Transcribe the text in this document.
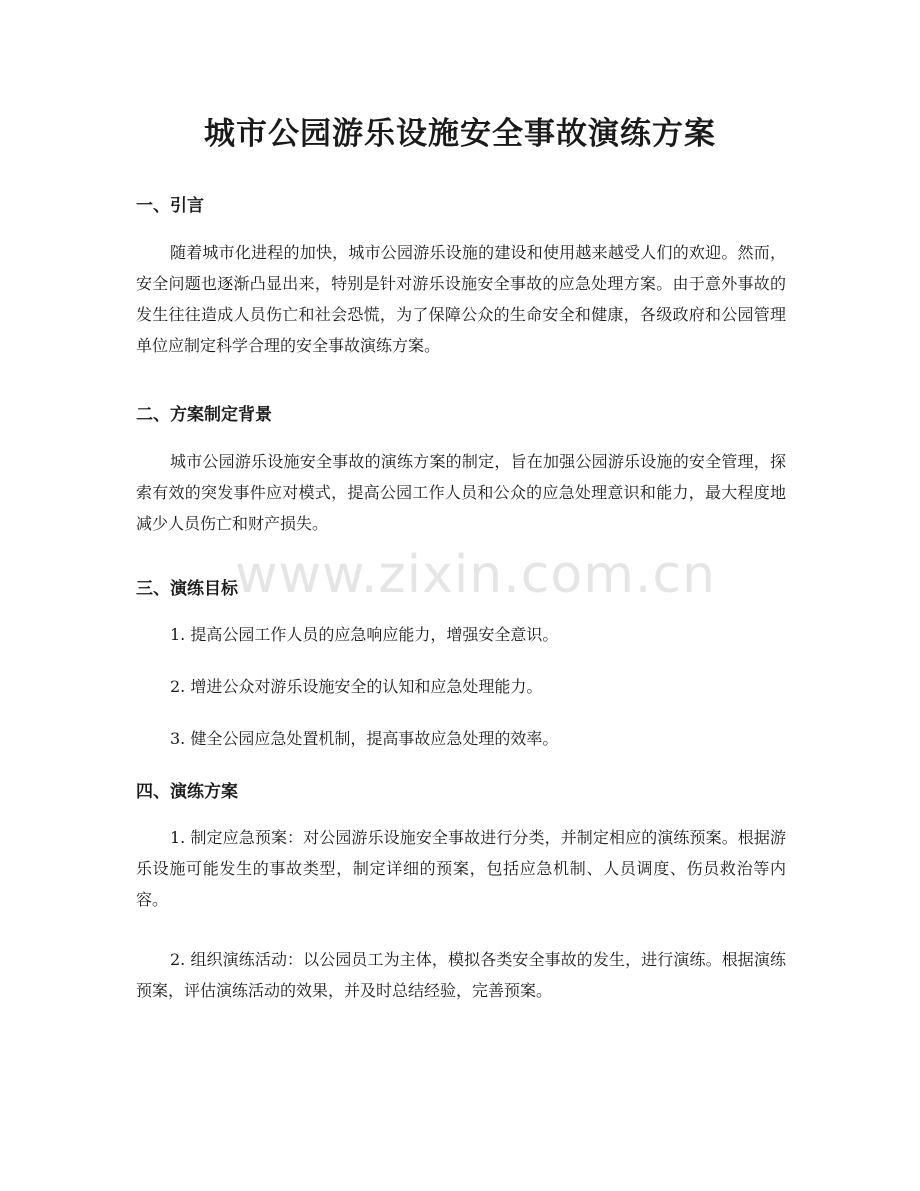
城市公园游乐设施安全事故演练方案
一、引言

随着城市化进程的加快，城市公园游乐设施的建设和使用越来越受人们的欢迎。然而，安全问题也逐渐凸显出来，特别是针对游乐设施安全事故的应急处理方案。由于意外事故的发生往往造成人员伤亡和社会恐慌，为了保障公众的生命安全和健康，各级政府和公园管理单位应制定科学合理的安全事故演练方案。

二、方案制定背景

城市公园游乐设施安全事故的演练方案的制定，旨在加强公园游乐设施的安全管理，探索有效的突发事件应对模式，提高公园工作人员和公众的应急处理意识和能力，最大程度地减少人员伤亡和财产损失。

三、演练目标

1. 提高公园工作人员的应急响应能力，增强安全意识。

2. 增进公众对游乐设施安全的认知和应急处理能力。

3. 健全公园应急处置机制，提高事故应急处理的效率。

四、演练方案

1. 制定应急预案：对公园游乐设施安全事故进行分类，并制定相应的演练预案。根据游乐设施可能发生的事故类型，制定详细的预案，包括应急机制、人员调度、伤员救治等内容。

2. 组织演练活动：以公园员工为主体，模拟各类安全事故的发生，进行演练。根据演练预案，评估演练活动的效果，并及时总结经验，完善预案。

www.zixin.com.cn
